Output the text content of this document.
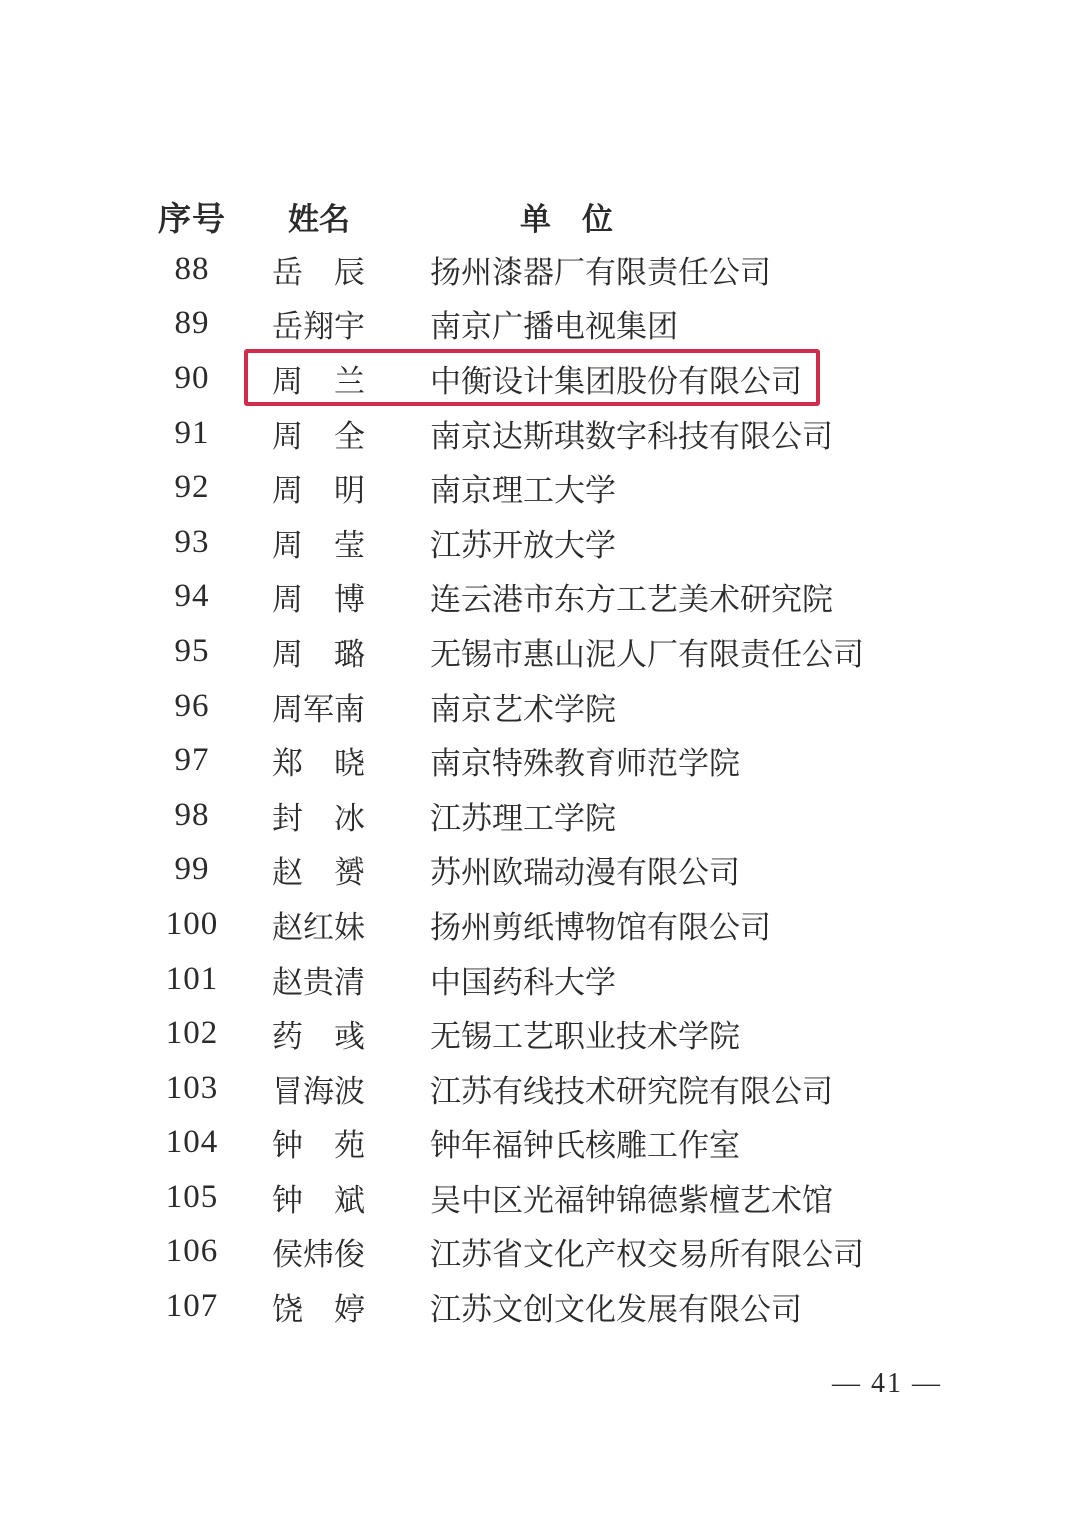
序号	姓名	单　位
88	岳　辰 扬州漆器厂有限责任公司
89	岳翔宇 南京广播电视集团
90	周　兰 中衡设计集团股份有限公司
91	周　全 南京达斯琪数字科技有限公司
92	周　明 南京理工大学
93	周　莹 江苏开放大学
94	周　博 连云港市东方工艺美术研究院
95	周　璐 无锡市惠山泥人厂有限责任公司
96	周军南 南京艺术学院
97	郑　晓 南京特殊教育师范学院
98	封　冰 江苏理工学院
99	赵　赟 苏州欧瑞动漫有限公司
100	赵红妹 扬州剪纸博物馆有限公司
101	赵贵清 中国药科大学
102	药　彧 无锡工艺职业技术学院
103	冒海波 江苏有线技术研究院有限公司
104	钟　苑 钟年福钟氏核雕工作室
105	钟　斌 吴中区光福钟锦德紫檀艺术馆
106	侯炜俊 江苏省文化产权交易所有限公司
107	饶　婷 江苏文创文化发展有限公司
— 41 —
